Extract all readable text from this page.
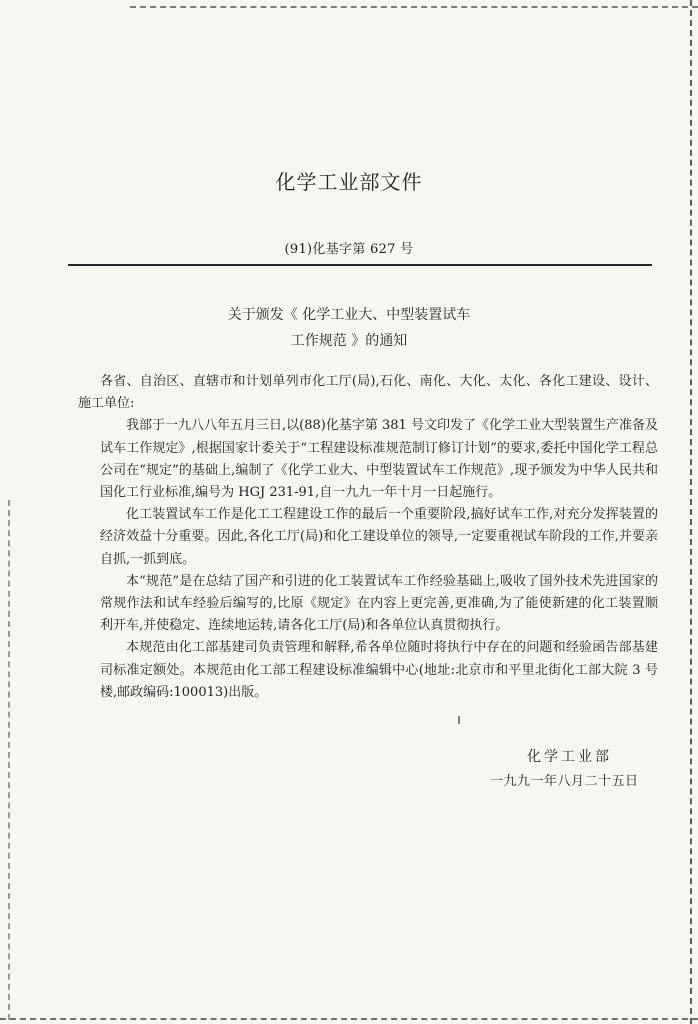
化学工业部文件
(91)化基字第 627 号
关于颁发《 化学工业大、中型装置试车
工作规范 》的通知

各省、自治区、直辖市和计划单列市化工厅(局),石化、南化、大化、太化、各化工建设、设计、施工单位:

我部于一九八八年五月三日,以(88)化基字第 381 号文印发了《化学工业大型装置生产准备及试车工作规定》,根据国家计委关于“工程建设标准规范制订修订计划”的要求,委托中国化学工程总公司在“规定”的基础上,编制了《化学工业大、中型装置试车工作规范》,现予颁发为中华人民共和国化工行业标准,编号为 HGJ 231-91,自一九九一年十月一日起施行。

化工装置试车工作是化工工程建设工作的最后一个重要阶段,搞好试车工作,对充分发挥装置的经济效益十分重要。因此,各化工厅(局)和化工建设单位的领导,一定要重视试车阶段的工作,并要亲自抓,一抓到底。

本“规范”是在总结了国产和引进的化工装置试车工作经验基础上,吸收了国外技术先进国家的常规作法和试车经验后编写的,比原《规定》在内容上更完善,更准确,为了能使新建的化工装置顺利开车,并使稳定、连续地运转,请各化工厅(局)和各单位认真贯彻执行。

本规范由化工部基建司负责管理和解释,希各单位随时将执行中存在的问题和经验函告部基建司标准定额处。本规范由化工部工程建设标准编辑中心(地址:北京市和平里北街化工部大院 3 号楼,邮政编码:100013)出版。

化学工业部
一九九一年八月二十五日
